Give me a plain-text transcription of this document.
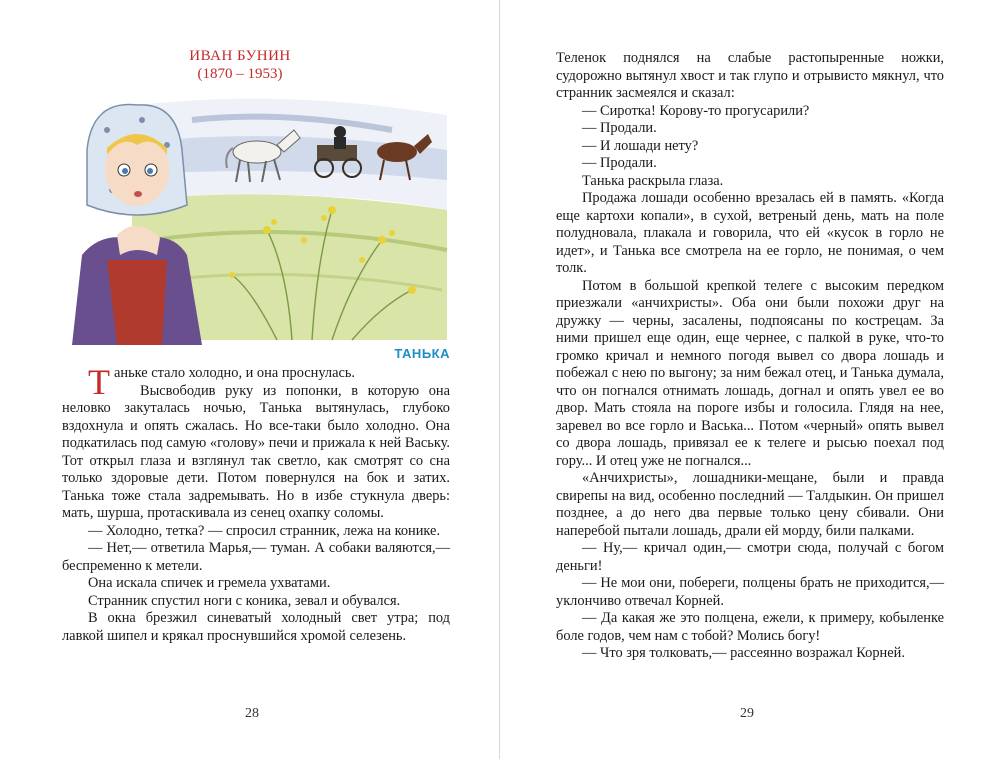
ИВАН БУНИН
(1870 – 1953)
ТАНЬКА

Таньке стало холодно, и она проснулась.

Высвободив руку из попонки, в которую она неловко закуталась ночью, Танька вытянулась, глубоко вздохнула и опять сжалась. Но все-таки было холодно. Она подкатилась под самую «голову» печи и прижала к ней Ваську. Тот открыл глаза и взглянул так светло, как смотрят со сна только здоровые дети. Потом повернулся на бок и затих. Танька тоже стала задремывать. Но в избе стукнула дверь: мать, шурша, протаскивала из сенец охапку соломы.

— Холодно, тетка? — спросил странник, лежа на конике.

— Нет,— ответила Марья,— туман. А собаки валяются,— беспременно к метели.

Она искала спичек и гремела ухватами.

Странник спустил ноги с коника, зевал и обувался.

В окна брезжил синеватый холодный свет утра; под лавкой шипел и крякал проснувшийся хромой селезень.

28

Теленок поднялся на слабые растопыренные ножки, судорожно вытянул хвост и так глупо и отрывисто мякнул, что странник засмеялся и сказал:

— Сиротка! Корову-то прогусарили?

— Продали.

— И лошади нету?

— Продали.

Танька раскрыла глаза.

Продажа лошади особенно врезалась ей в память. «Когда еще картохи копали», в сухой, ветреный день, мать на поле полудновала, плакала и говорила, что ей «кусок в горло не идет», и Танька все смотрела на ее горло, не понимая, о чем толк.

Потом в большой крепкой телеге с высоким передком приезжали «анчихристы». Оба они были похожи друг на дружку — черны, засалены, подпоясаны по кострецам. За ними пришел еще один, еще чернее, с палкой в руке, что-то громко кричал и немного погодя вывел со двора лошадь и побежал с нею по выгону; за ним бежал отец, и Танька думала, что он погнался отнимать лошадь, догнал и опять увел ее во двор. Мать стояла на пороге избы и голосила. Глядя на нее, заревел во все горло и Васька... Потом «черный» опять вывел со двора лошадь, привязал ее к телеге и рысью поехал под гору... И отец уже не погнался...

«Анчихристы», лошадники-мещане, были и правда свирепы на вид, особенно последний — Талдыкин. Он пришел позднее, а до него два первые только цену сбивали. Они наперебой пытали лошадь, драли ей морду, били палками.

— Ну,— кричал один,— смотри сюда, получай с богом деньги!

— Не мои они, побереги, полцены брать не приходится,— уклончиво отвечал Корней.

— Да какая же это полцена, ежели, к примеру, кобыленке боле годов, чем нам с тобой? Молись богу!

— Что зря толковать,— рассеянно возражал Корней.

29
